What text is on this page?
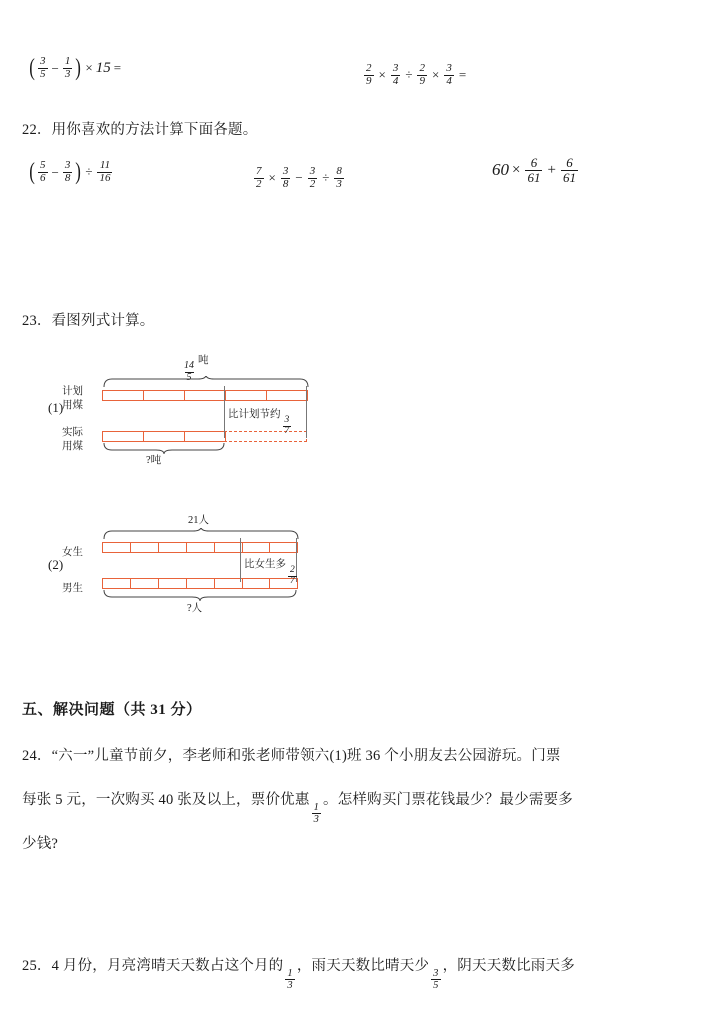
( $\frac{3}{5} - \frac{1}{3}$ ) × 15 =	$\frac{2}{9} \times \frac{3}{4} \div \frac{2}{9} \times \frac{3}{4}$ =
22．用你喜欢的方法计算下面各题。
( $\frac{5}{6} - \frac{3}{8}$ ) ÷ $\frac{11}{16}$	$\frac{7}{2} \times \frac{3}{8} - \frac{3}{2} \div \frac{8}{3}$	$60 \times \frac{6}{61} + \frac{6}{61}$
23．看图列式计算。
(1)
$\frac{14}{5}$
吨
计划
用煤
实际
用煤
比计划节约
$\frac{3}{7}$
?吨
(2)
21人
女生
男生
比女生多
$\frac{2}{7}$
?人
五、解决问题（共 31 分）
24．“六一”儿童节前夕，李老师和张老师带领六(1)班 36 个小朋友去公园游玩。门票
每张 5 元，一次购买 40 张及以上，票价优惠
$\frac{1}{3}$
。怎样购买门票花钱最少？最少需要多
少钱?
25．4 月份，月亮湾晴天天数占这个月的
$\frac{1}{3}$
，雨天天数比晴天少
$\frac{3}{5}$
，阴天天数比雨天多
